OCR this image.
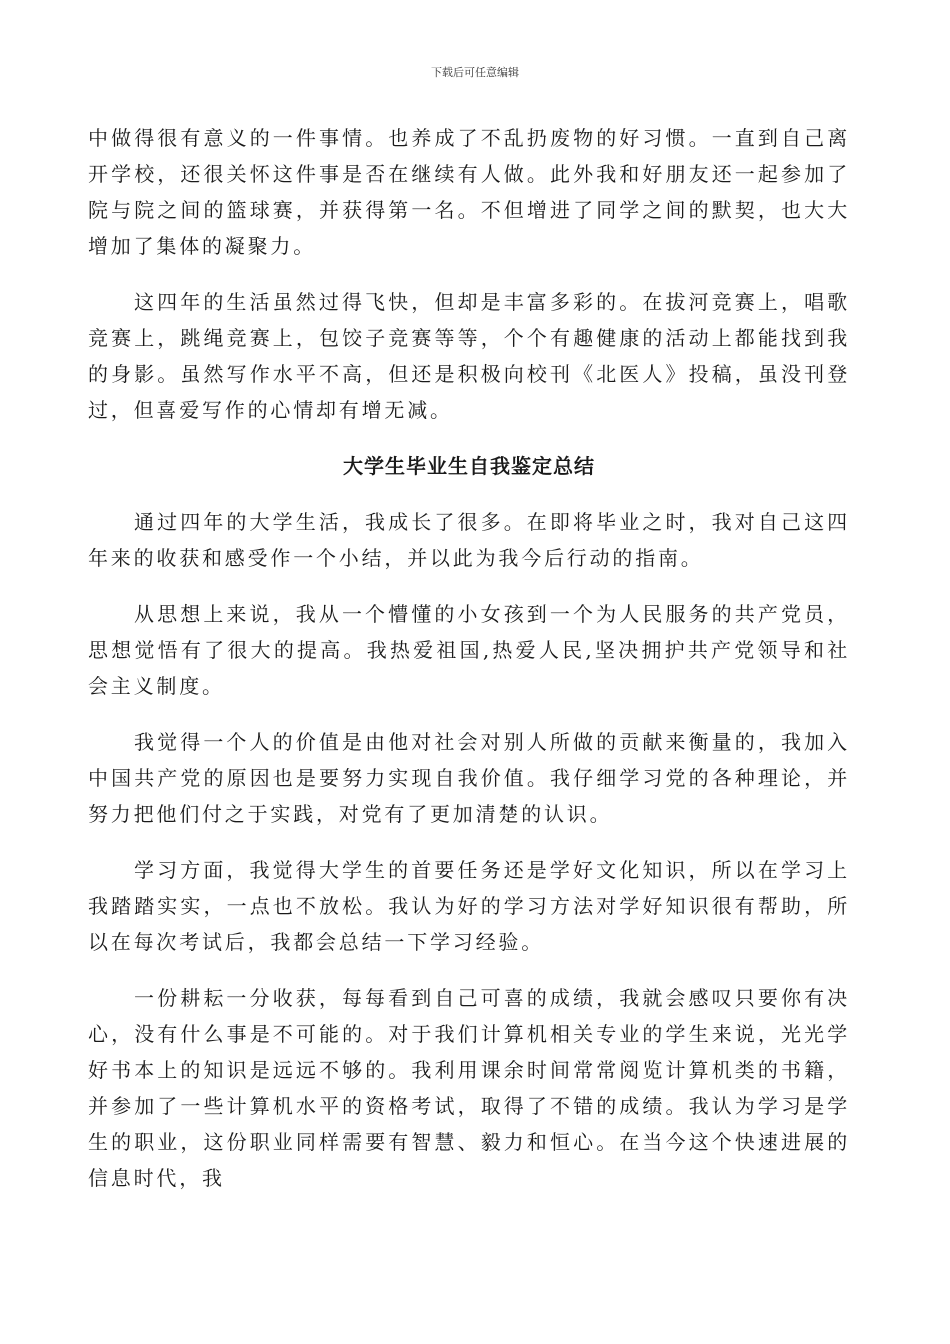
下载后可任意编辑

中做得很有意义的一件事情。也养成了不乱扔废物的好习惯。一直到自己离开学校，还很关怀这件事是否在继续有人做。此外我和好朋友还一起参加了院与院之间的篮球赛，并获得第一名。不但增进了同学之间的默契，也大大增加了集体的凝聚力。

这四年的生活虽然过得飞快，但却是丰富多彩的。在拔河竞赛上，唱歌竞赛上，跳绳竞赛上，包饺子竞赛等等，个个有趣健康的活动上都能找到我的身影。虽然写作水平不高，但还是积极向校刊《北医人》投稿，虽没刊登过，但喜爱写作的心情却有增无减。

大学生毕业生自我鉴定总结

通过四年的大学生活，我成长了很多。在即将毕业之时，我对自己这四年来的收获和感受作一个小结，并以此为我今后行动的指南。

从思想上来说，我从一个懵懂的小女孩到一个为人民服务的共产党员，思想觉悟有了很大的提高。我热爱祖国,热爱人民,坚决拥护共产党领导和社会主义制度。

我觉得一个人的价值是由他对社会对别人所做的贡献来衡量的，我加入中国共产党的原因也是要努力实现自我价值。我仔细学习党的各种理论，并努力把他们付之于实践，对党有了更加清楚的认识。

学习方面，我觉得大学生的首要任务还是学好文化知识，所以在学习上我踏踏实实，一点也不放松。我认为好的学习方法对学好知识很有帮助，所以在每次考试后，我都会总结一下学习经验。

一份耕耘一分收获，每每看到自己可喜的成绩，我就会感叹只要你有决心，没有什么事是不可能的。对于我们计算机相关专业的学生来说，光光学好书本上的知识是远远不够的。我利用课余时间常常阅览计算机类的书籍，并参加了一些计算机水平的资格考试，取得了不错的成绩。我认为学习是学生的职业，这份职业同样需要有智慧、毅力和恒心。在当今这个快速进展的信息时代，我
